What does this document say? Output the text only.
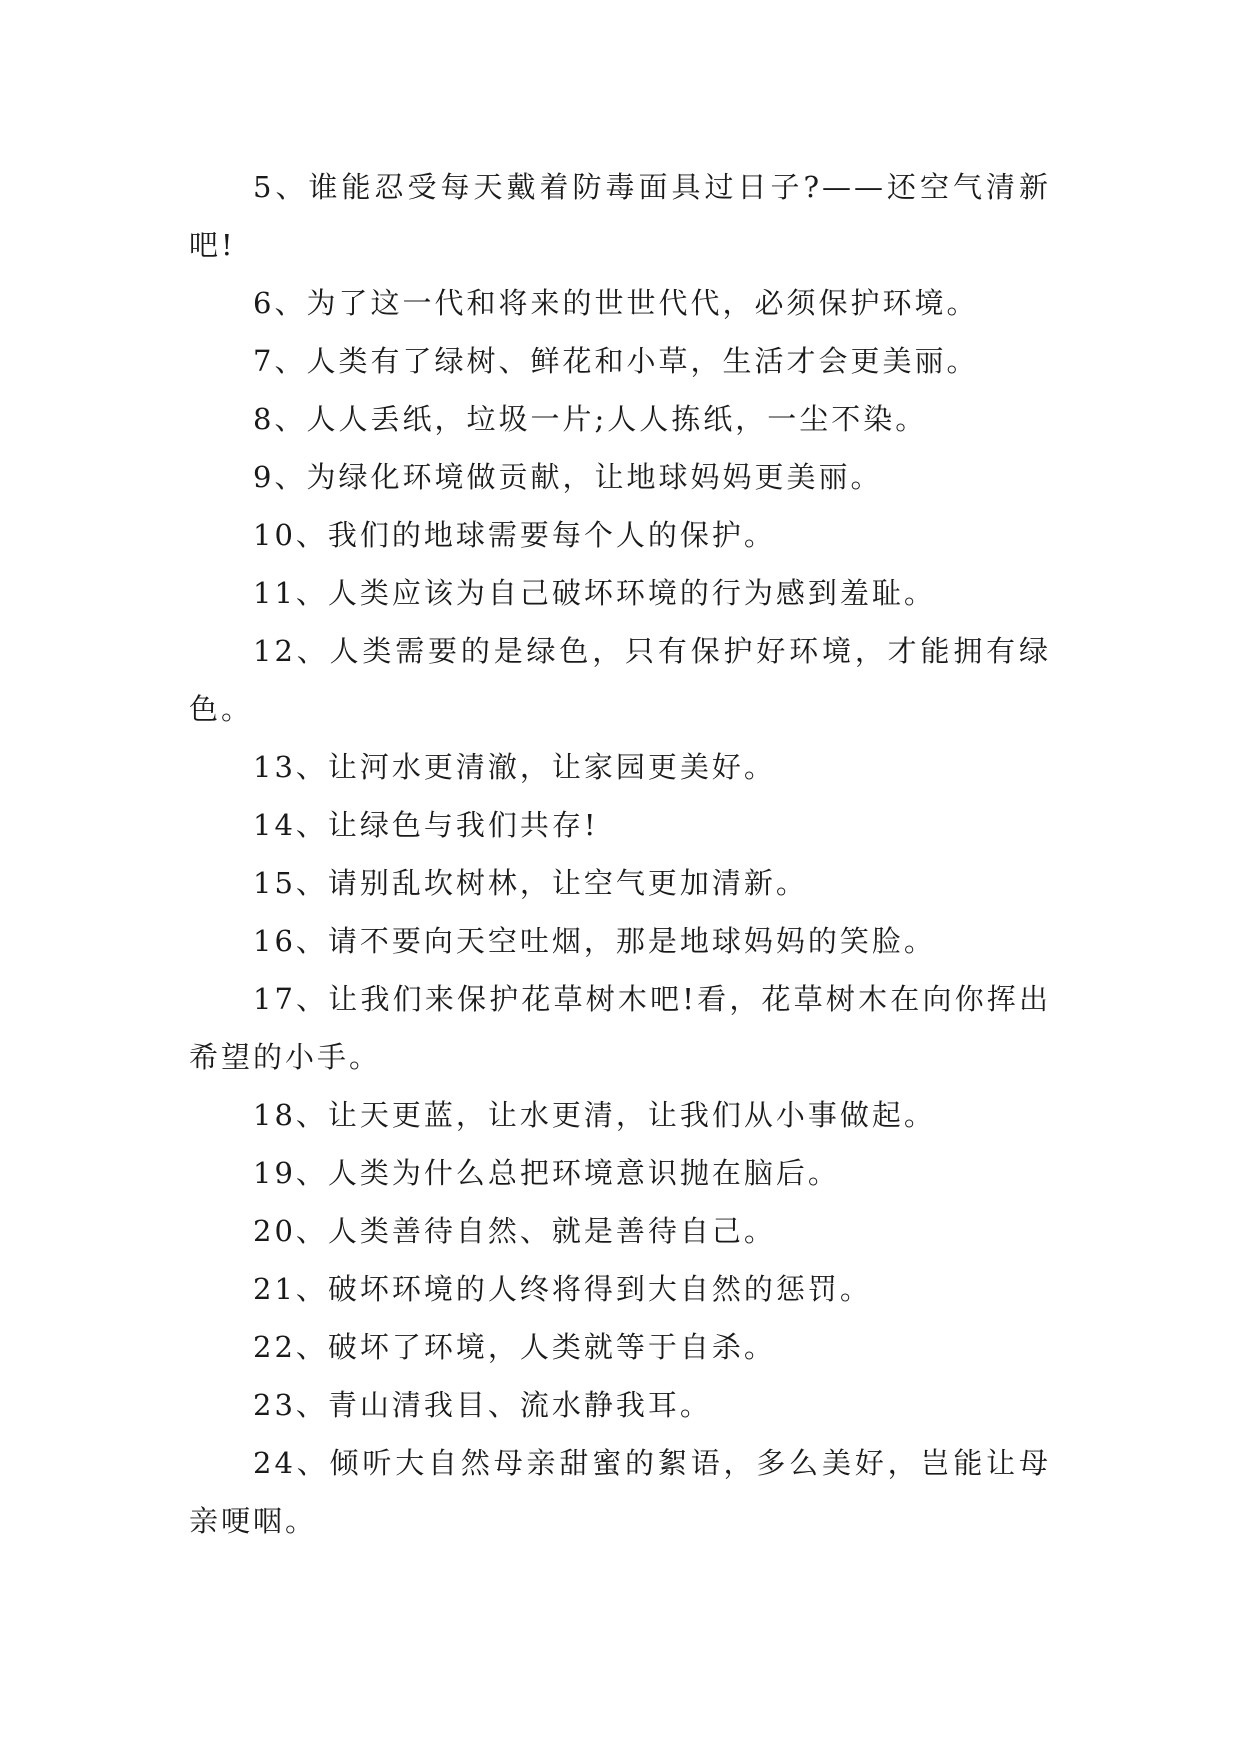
5、谁能忍受每天戴着防毒面具过日子?——还空气清新吧!

6、为了这一代和将来的世世代代，必须保护环境。

7、人类有了绿树、鲜花和小草，生活才会更美丽。

8、人人丢纸，垃圾一片;人人拣纸，一尘不染。

9、为绿化环境做贡献，让地球妈妈更美丽。

10、我们的地球需要每个人的保护。

11、人类应该为自己破坏环境的行为感到羞耻。

12、人类需要的是绿色，只有保护好环境，才能拥有绿色。

13、让河水更清澈，让家园更美好。

14、让绿色与我们共存!

15、请别乱坎树林，让空气更加清新。

16、请不要向天空吐烟，那是地球妈妈的笑脸。

17、让我们来保护花草树木吧!看，花草树木在向你挥出希望的小手。

18、让天更蓝，让水更清，让我们从小事做起。

19、人类为什么总把环境意识抛在脑后。

20、人类善待自然、就是善待自己。

21、破坏环境的人终将得到大自然的惩罚。

22、破坏了环境，人类就等于自杀。

23、青山清我目、流水静我耳。

24、倾听大自然母亲甜蜜的絮语，多么美好，岂能让母亲哽咽。
